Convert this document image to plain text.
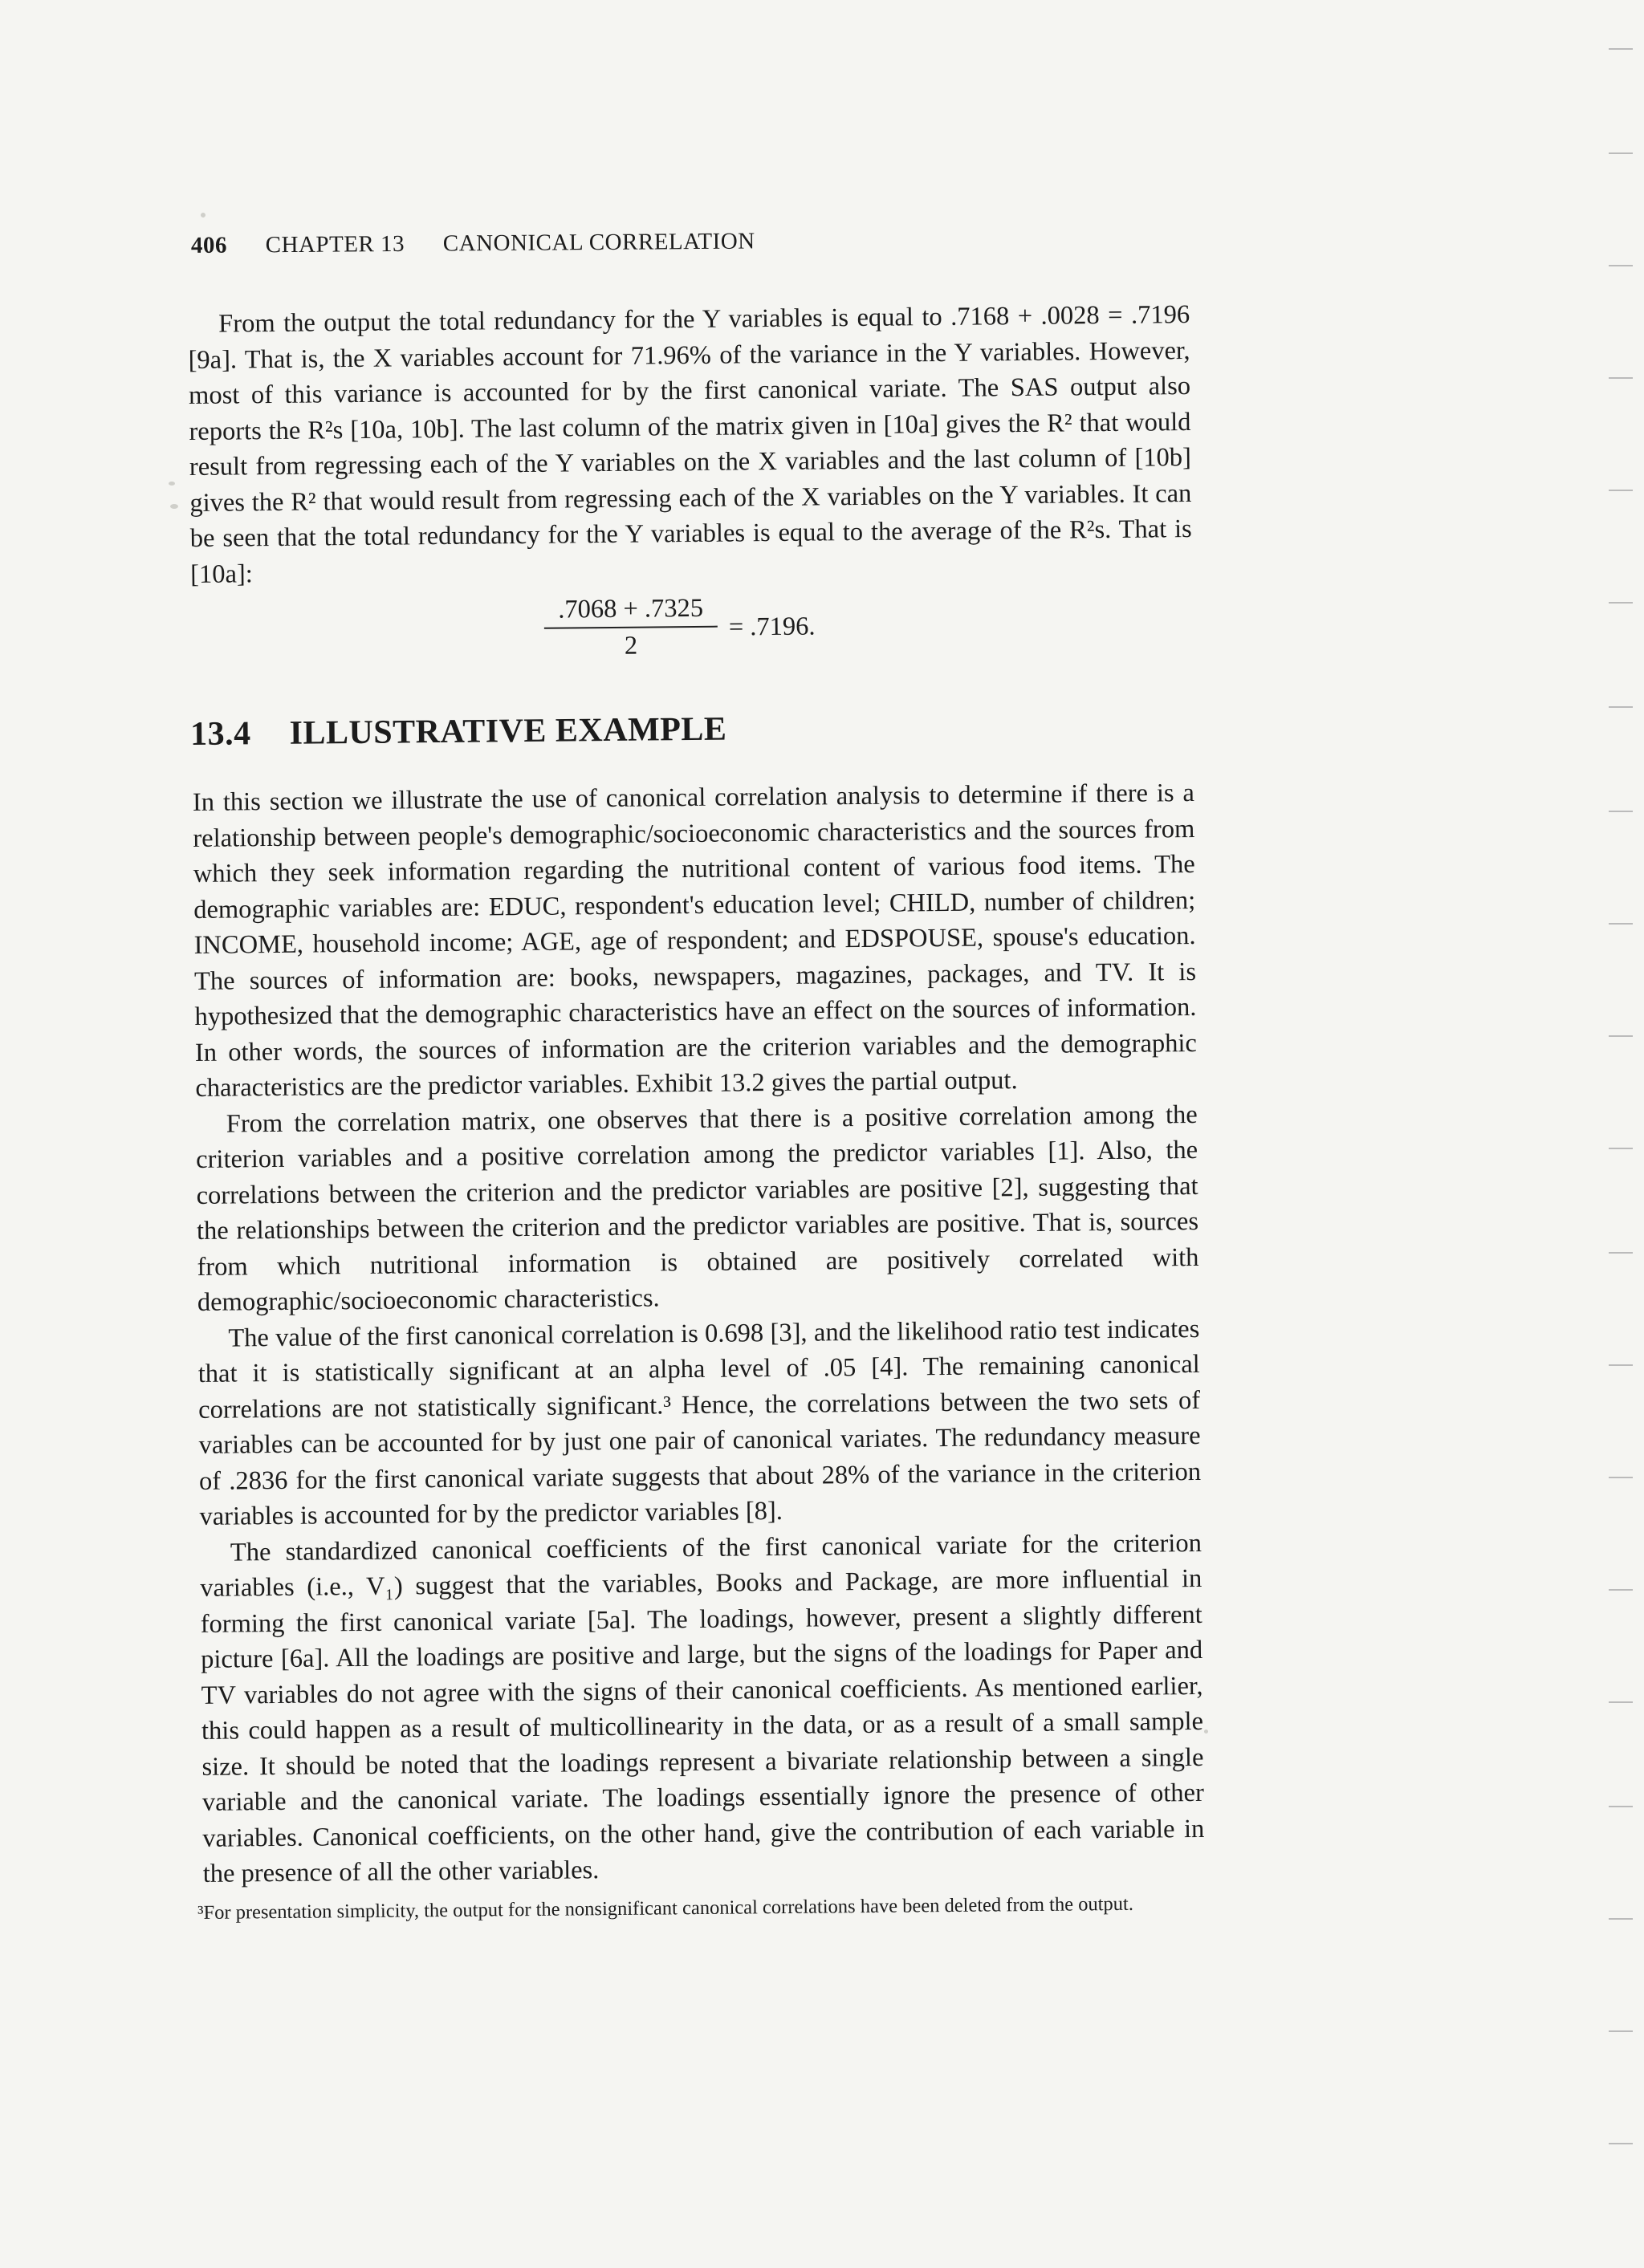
406 CHAPTER 13 CANONICAL CORRELATION

From the output the total redundancy for the Y variables is equal to .7168 + .0028 = .7196 [9a]. That is, the X variables account for 71.96% of the variance in the Y variables. However, most of this variance is accounted for by the first canonical variate. The SAS output also reports the R²s [10a, 10b]. The last column of the matrix given in [10a] gives the R² that would result from regressing each of the Y variables on the X variables and the last column of [10b] gives the R² that would result from regressing each of the X variables on the Y variables. It can be seen that the total redundancy for the Y variables is equal to the average of the R²s. That is [10a]:

$\frac{.7068 + .7325}{2} = .7196$.
13.4 ILLUSTRATIVE EXAMPLE

In this section we illustrate the use of canonical correlation analysis to determine if there is a relationship between people's demographic/socioeconomic characteristics and the sources from which they seek information regarding the nutritional content of various food items. The demographic variables are: EDUC, respondent's education level; CHILD, number of children; INCOME, household income; AGE, age of respondent; and EDSPOUSE, spouse's education. The sources of information are: books, newspapers, magazines, packages, and TV. It is hypothesized that the demographic characteristics have an effect on the sources of information. In other words, the sources of information are the criterion variables and the demographic characteristics are the predictor variables. Exhibit 13.2 gives the partial output.

From the correlation matrix, one observes that there is a positive correlation among the criterion variables and a positive correlation among the predictor variables [1]. Also, the correlations between the criterion and the predictor variables are positive [2], suggesting that the relationships between the criterion and the predictor variables are positive. That is, sources from which nutritional information is obtained are positively correlated with demographic/socioeconomic characteristics.

The value of the first canonical correlation is 0.698 [3], and the likelihood ratio test indicates that it is statistically significant at an alpha level of .05 [4]. The remaining canonical correlations are not statistically significant.³ Hence, the correlations between the two sets of variables can be accounted for by just one pair of canonical variates. The redundancy measure of .2836 for the first canonical variate suggests that about 28% of the variance in the criterion variables is accounted for by the predictor variables [8].

The standardized canonical coefficients of the first canonical variate for the criterion variables (i.e., V₁) suggest that the variables, Books and Package, are more influential in forming the first canonical variate [5a]. The loadings, however, present a slightly different picture [6a]. All the loadings are positive and large, but the signs of the loadings for Paper and TV variables do not agree with the signs of their canonical coefficients. As mentioned earlier, this could happen as a result of multicollinearity in the data, or as a result of a small sample size. It should be noted that the loadings represent a bivariate relationship between a single variable and the canonical variate. The loadings essentially ignore the presence of other variables. Canonical coefficients, on the other hand, give the contribution of each variable in the presence of all the other variables.

³For presentation simplicity, the output for the nonsignificant canonical correlations have been deleted from the output.
